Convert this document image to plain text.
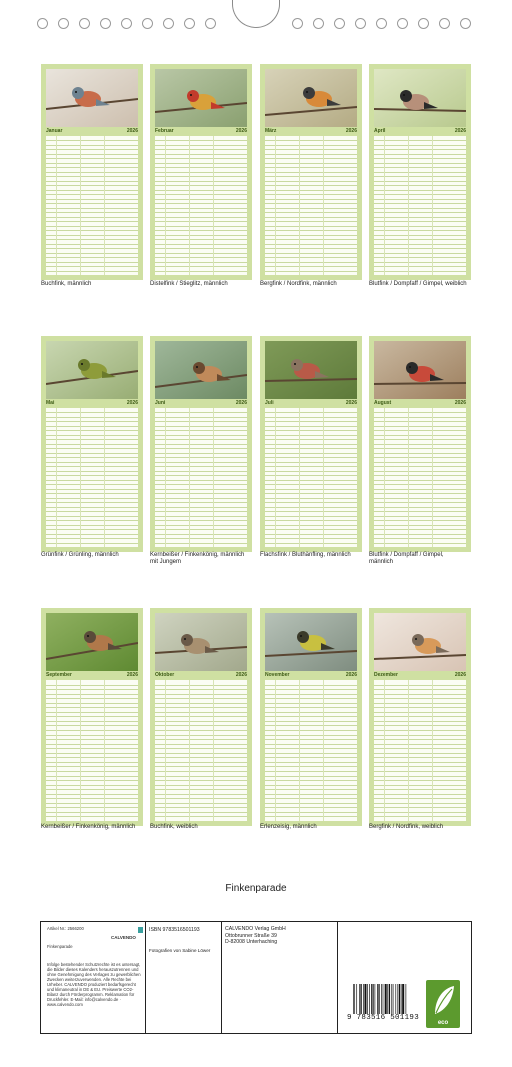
Januar	2026
Buchfink, männlich
Februar	2026
Distelfink / Stieglitz, männlich
März	2026
Bergfink / Nordfink, männlich
April	2026
Blutfink / Dompfaff / Gimpel, weiblich
Mai	2026
Grünfink / Grünling, männlich
Juni	2026
Kernbeißer / Finkenkönig, männlich mit Jungem
Juli	2026
Flachsfink / Bluthänfling, männlich
August	2026
Blutfink / Dompfaff / Gimpel, männlich
September	2026
Kernbeißer / Finkenkönig, männlich
Oktober	2026
Buchfink, weiblich
November	2026
Erlenzeisig, männlich
Dezember	2026
Bergfink / Nordfink, weiblich
Finkenparade
Artikel Nr.: 2566200
CALVENDO
Finkenparade
Infolge bestehender Schutzrechte ist es untersagt, die Bilder dieses Kalenders herauszutrennen und ohne Genehmigung des Verlages zu gewerblichen Zwecken weiterzuverwenden. Alle Rechte bei Urheber. CALVENDO produziert bedarfsgerecht und klimaneutral in DE & EU. Preiswerte CO2-Bilanz durch Förderprogramm. Reklamation für Druckfehler. E-Mail: info@calvendo.de · www.calvendo.com
ISBN 9783516501193
Fotografien von Sabine Löwer
CALVENDO Verlag GmbH
Ottobrunner Straße 39
D-82008 Unterhaching
9 783516 501193
eco
